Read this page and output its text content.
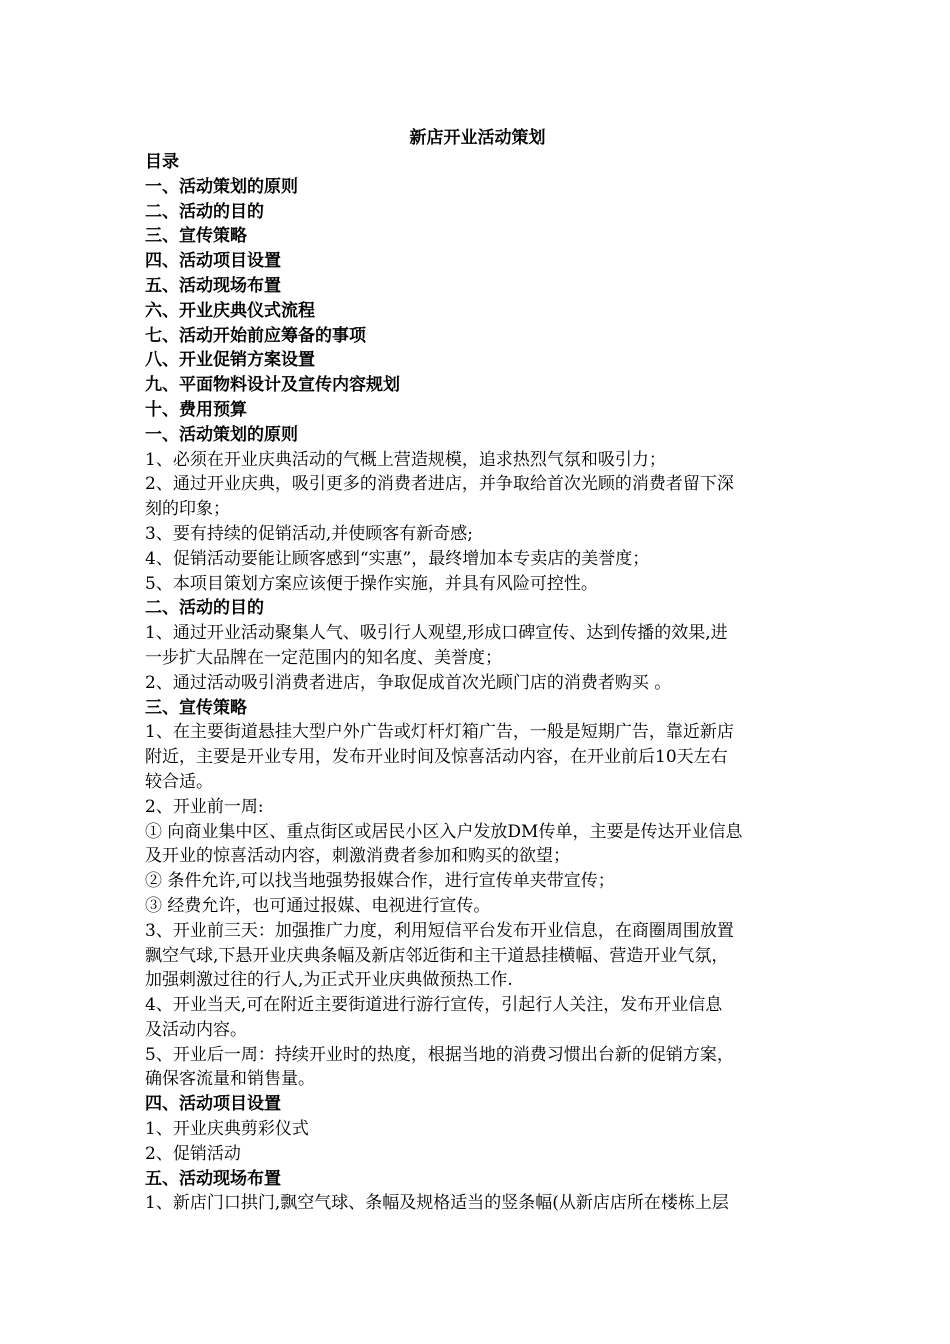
新店开业活动策划
目录
一、活动策划的原则
二、活动的目的
三、宣传策略
四、活动项目设置
五、活动现场布置
六、开业庆典仪式流程
七、活动开始前应筹备的事项
八、开业促销方案设置
九、平面物料设计及宣传内容规划
十、费用预算
一、活动策划的原则
1、必须在开业庆典活动的气概上营造规模，追求热烈气氛和吸引力；
2、通过开业庆典，吸引更多的消费者进店，并争取给首次光顾的消费者留下深
刻的印象；
3、要有持续的促销活动,并使顾客有新奇感;
4、促销活动要能让顾客感到“实惠”，最终增加本专卖店的美誉度；
5、本项目策划方案应该便于操作实施，并具有风险可控性。
二、活动的目的
1、通过开业活动聚集人气、吸引行人观望,形成口碑宣传、达到传播的效果,进
一步扩大品牌在一定范围内的知名度、美誉度；
2、通过活动吸引消费者进店，争取促成首次光顾门店的消费者购买 。
三、宣传策略
1、在主要街道悬挂大型户外广告或灯杆灯箱广告，一般是短期广告，靠近新店
附近，主要是开业专用，发布开业时间及惊喜活动内容，在开业前后10天左右
较合适。
2、开业前一周:
① 向商业集中区、重点街区或居民小区入户发放DM传单，主要是传达开业信息
及开业的惊喜活动内容，刺激消费者参加和购买的欲望；
② 条件允许,可以找当地强势报媒合作，进行宣传单夹带宣传；
③ 经费允许，也可通过报媒、电视进行宣传。
3、开业前三天：加强推广力度，利用短信平台发布开业信息，在商圈周围放置
飘空气球,下悬开业庆典条幅及新店邻近街和主干道悬挂横幅、营造开业气氛，
加强刺激过往的行人,为正式开业庆典做预热工作.
4、开业当天,可在附近主要街道进行游行宣传，引起行人关注，发布开业信息
及活动内容。
5、开业后一周：持续开业时的热度，根据当地的消费习惯出台新的促销方案，
确保客流量和销售量。
四、活动项目设置
1、开业庆典剪彩仪式
2、促销活动
五、活动现场布置
1、新店门口拱门,飘空气球、条幅及规格适当的竖条幅(从新店店所在楼栋上层
